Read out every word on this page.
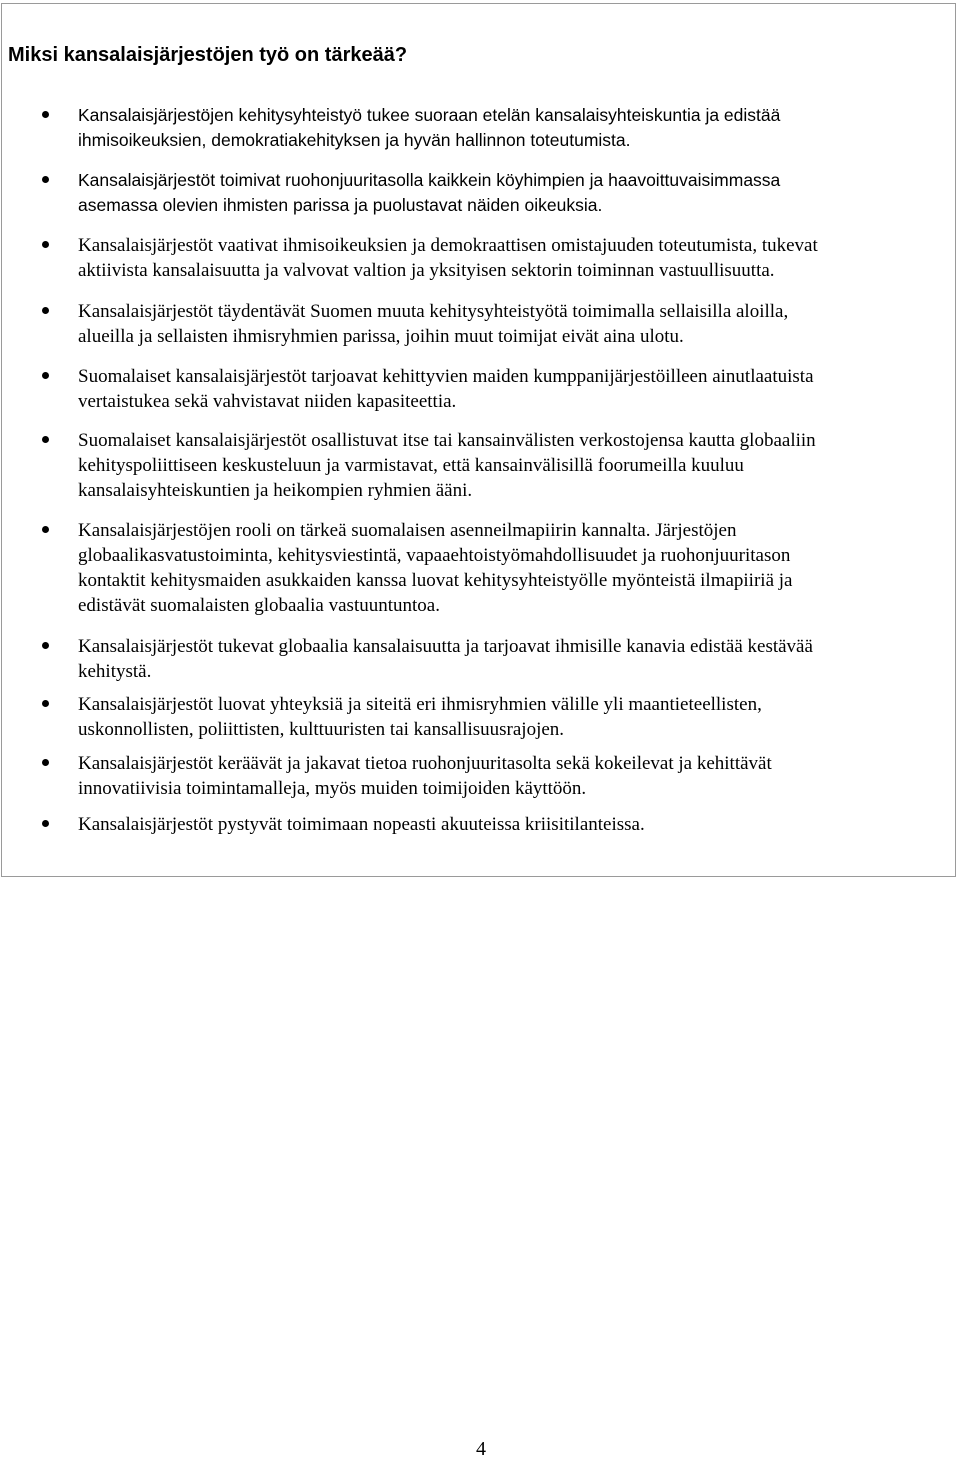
Miksi kansalaisjärjestöjen työ on tärkeää?
Kansalaisjärjestöjen kehitysyhteistyö tukee suoraan etelän kansalaisyhteiskuntia ja edistää
ihmisoikeuksien, demokratiakehityksen ja hyvän hallinnon toteutumista.
Kansalaisjärjestöt toimivat ruohonjuuritasolla kaikkein köyhimpien ja haavoittuvaisimmassa
asemassa olevien ihmisten parissa ja puolustavat näiden oikeuksia.
Kansalaisjärjestöt vaativat ihmisoikeuksien ja demokraattisen omistajuuden toteutumista, tukevat
aktiivista kansalaisuutta ja valvovat valtion ja yksityisen sektorin toiminnan vastuullisuutta.
Kansalaisjärjestöt täydentävät Suomen muuta kehitysyhteistyötä toimimalla sellaisilla aloilla,
alueilla ja sellaisten ihmisryhmien parissa, joihin muut toimijat eivät aina ulotu.
Suomalaiset kansalaisjärjestöt tarjoavat kehittyvien maiden kumppanijärjestöilleen ainutlaatuista
vertaistukea sekä vahvistavat niiden kapasiteettia.
Suomalaiset kansalaisjärjestöt osallistuvat itse tai kansainvälisten verkostojensa kautta globaaliin
kehityspoliittiseen keskusteluun ja varmistavat, että kansainvälisillä foorumeilla kuuluu
kansalaisyhteiskuntien ja heikompien ryhmien ääni.
Kansalaisjärjestöjen rooli on tärkeä suomalaisen asenneilmapiirin kannalta. Järjestöjen
globaalikasvatustoiminta, kehitysviestintä, vapaaehtoistyömahdollisuudet ja ruohonjuuritason
kontaktit kehitysmaiden asukkaiden kanssa luovat kehitysyhteistyölle myönteistä ilmapiiriä ja
edistävät suomalaisten globaalia vastuuntuntoa.
Kansalaisjärjestöt tukevat globaalia kansalaisuutta ja tarjoavat ihmisille kanavia edistää kestävää
kehitystä.
Kansalaisjärjestöt luovat yhteyksiä ja siteitä eri ihmisryhmien välille yli maantieteellisten,
uskonnollisten, poliittisten, kulttuuristen tai kansallisuusrajojen.
Kansalaisjärjestöt keräävät ja jakavat tietoa ruohonjuuritasolta sekä kokeilevat ja kehittävät
innovatiivisia toimintamalleja, myös muiden toimijoiden käyttöön.
Kansalaisjärjestöt pystyvät toimimaan nopeasti akuuteissa kriisitilanteissa.
4
